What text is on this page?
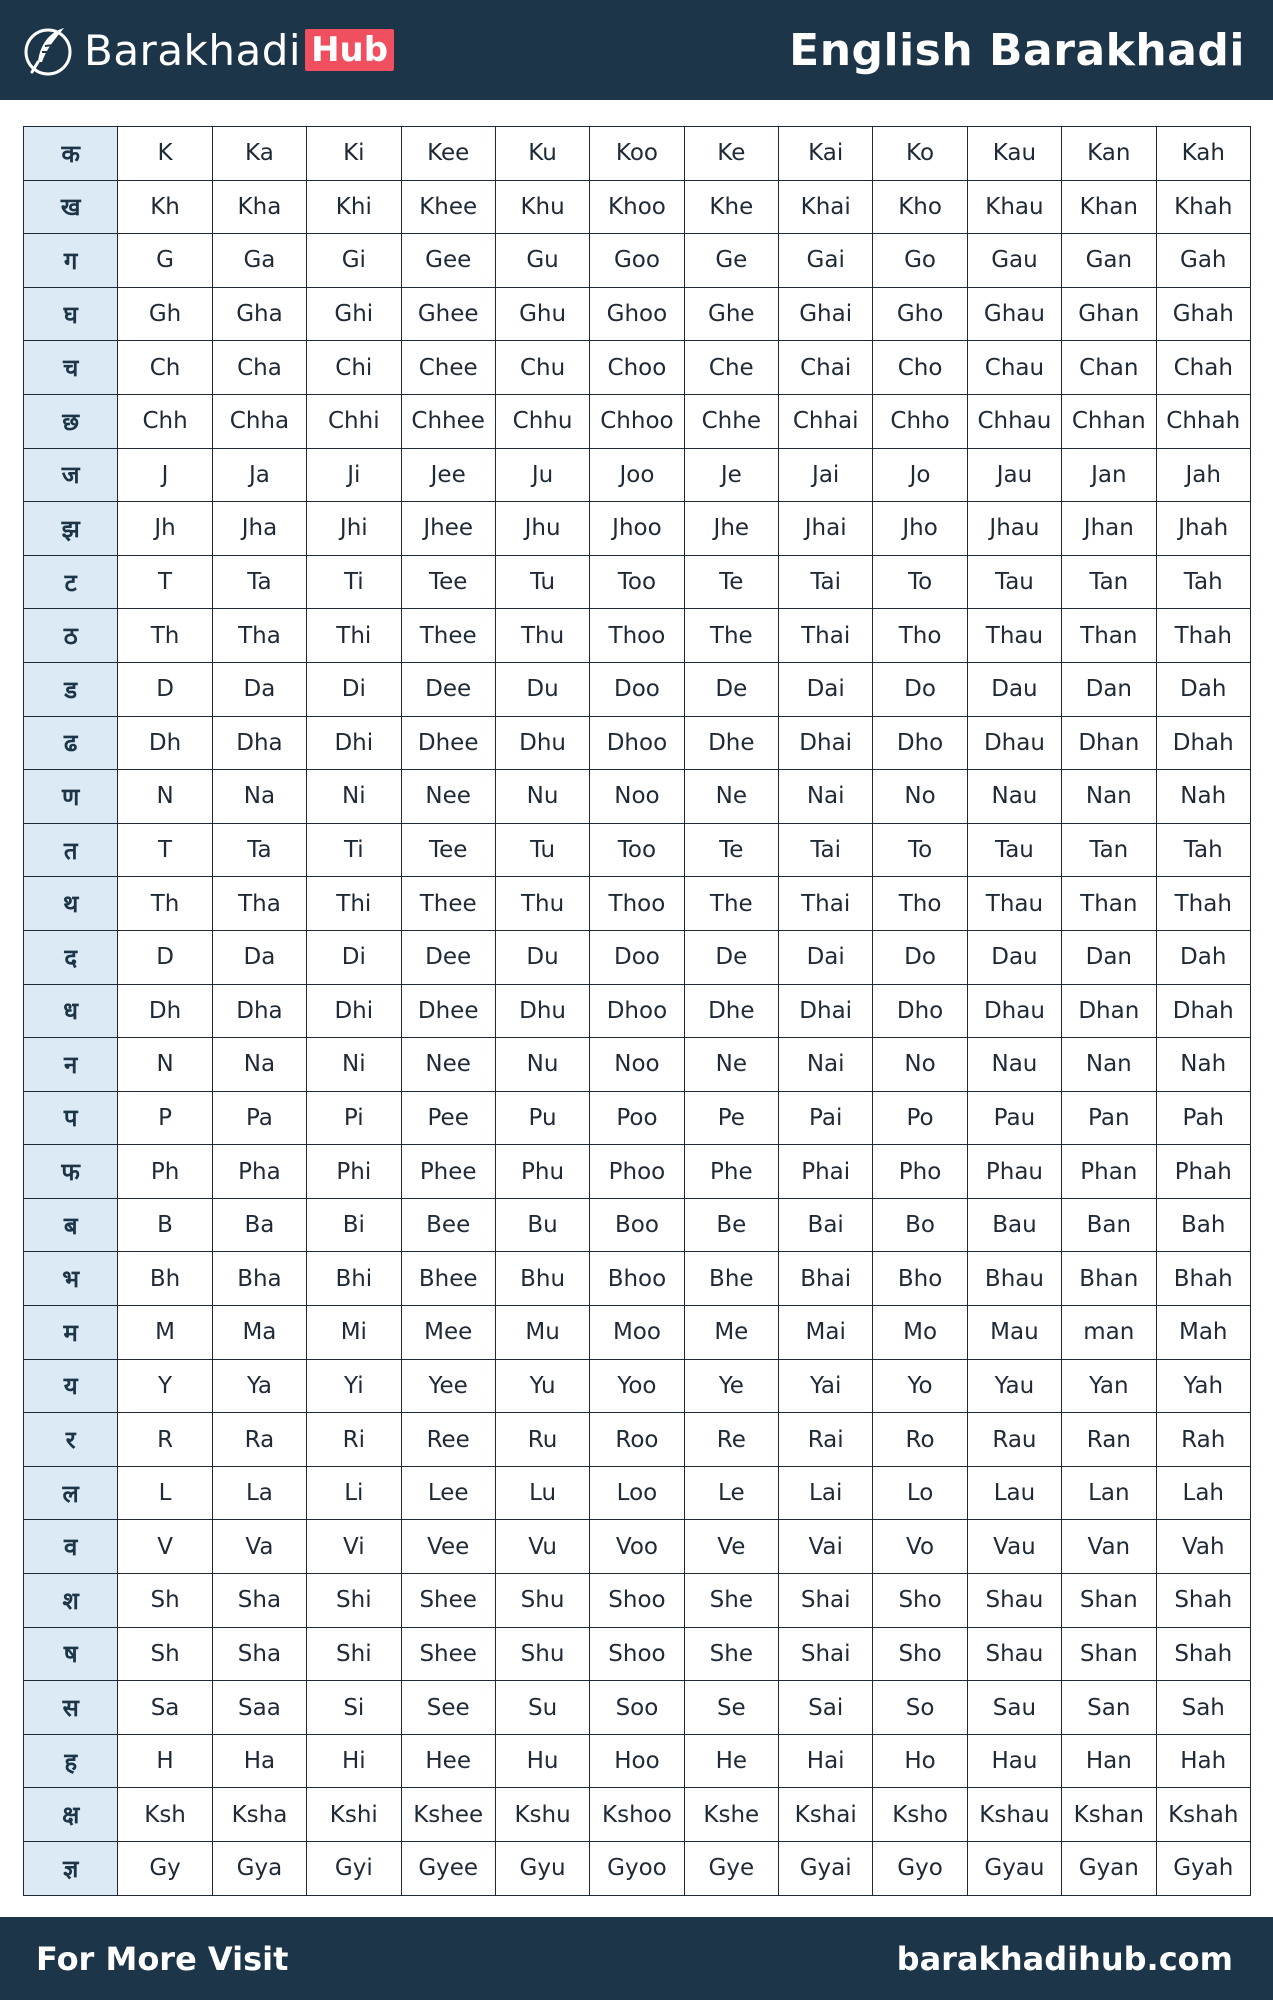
Barakhadi Hub	English Barakhadi
क	K	Ka	Ki	Kee	Ku	Koo	Ke	Kai	Ko	Kau	Kan	Kah
ख	Kh	Kha	Khi	Khee	Khu	Khoo	Khe	Khai	Kho	Khau	Khan	Khah
ग	G	Ga	Gi	Gee	Gu	Goo	Ge	Gai	Go	Gau	Gan	Gah
घ	Gh	Gha	Ghi	Ghee	Ghu	Ghoo	Ghe	Ghai	Gho	Ghau	Ghan	Ghah
च	Ch	Cha	Chi	Chee	Chu	Choo	Che	Chai	Cho	Chau	Chan	Chah
छ	Chh	Chha	Chhi	Chhee	Chhu	Chhoo	Chhe	Chhai	Chho	Chhau	Chhan	Chhah
ज	J	Ja	Ji	Jee	Ju	Joo	Je	Jai	Jo	Jau	Jan	Jah
झ	Jh	Jha	Jhi	Jhee	Jhu	Jhoo	Jhe	Jhai	Jho	Jhau	Jhan	Jhah
ट	T	Ta	Ti	Tee	Tu	Too	Te	Tai	To	Tau	Tan	Tah
ठ	Th	Tha	Thi	Thee	Thu	Thoo	The	Thai	Tho	Thau	Than	Thah
ड	D	Da	Di	Dee	Du	Doo	De	Dai	Do	Dau	Dan	Dah
ढ	Dh	Dha	Dhi	Dhee	Dhu	Dhoo	Dhe	Dhai	Dho	Dhau	Dhan	Dhah
ण	N	Na	Ni	Nee	Nu	Noo	Ne	Nai	No	Nau	Nan	Nah
त	T	Ta	Ti	Tee	Tu	Too	Te	Tai	To	Tau	Tan	Tah
थ	Th	Tha	Thi	Thee	Thu	Thoo	The	Thai	Tho	Thau	Than	Thah
द	D	Da	Di	Dee	Du	Doo	De	Dai	Do	Dau	Dan	Dah
ध	Dh	Dha	Dhi	Dhee	Dhu	Dhoo	Dhe	Dhai	Dho	Dhau	Dhan	Dhah
न	N	Na	Ni	Nee	Nu	Noo	Ne	Nai	No	Nau	Nan	Nah
प	P	Pa	Pi	Pee	Pu	Poo	Pe	Pai	Po	Pau	Pan	Pah
फ	Ph	Pha	Phi	Phee	Phu	Phoo	Phe	Phai	Pho	Phau	Phan	Phah
ब	B	Ba	Bi	Bee	Bu	Boo	Be	Bai	Bo	Bau	Ban	Bah
भ	Bh	Bha	Bhi	Bhee	Bhu	Bhoo	Bhe	Bhai	Bho	Bhau	Bhan	Bhah
म	M	Ma	Mi	Mee	Mu	Moo	Me	Mai	Mo	Mau	man	Mah
य	Y	Ya	Yi	Yee	Yu	Yoo	Ye	Yai	Yo	Yau	Yan	Yah
र	R	Ra	Ri	Ree	Ru	Roo	Re	Rai	Ro	Rau	Ran	Rah
ल	L	La	Li	Lee	Lu	Loo	Le	Lai	Lo	Lau	Lan	Lah
व	V	Va	Vi	Vee	Vu	Voo	Ve	Vai	Vo	Vau	Van	Vah
श	Sh	Sha	Shi	Shee	Shu	Shoo	She	Shai	Sho	Shau	Shan	Shah
ष	Sh	Sha	Shi	Shee	Shu	Shoo	She	Shai	Sho	Shau	Shan	Shah
स	Sa	Saa	Si	See	Su	Soo	Se	Sai	So	Sau	San	Sah
ह	H	Ha	Hi	Hee	Hu	Hoo	He	Hai	Ho	Hau	Han	Hah
क्ष	Ksh	Ksha	Kshi	Kshee	Kshu	Kshoo	Kshe	Kshai	Ksho	Kshau	Kshan	Kshah
ज्ञ	Gy	Gya	Gyi	Gyee	Gyu	Gyoo	Gye	Gyai	Gyo	Gyau	Gyan	Gyah
For More Visit	barakhadihub.com
